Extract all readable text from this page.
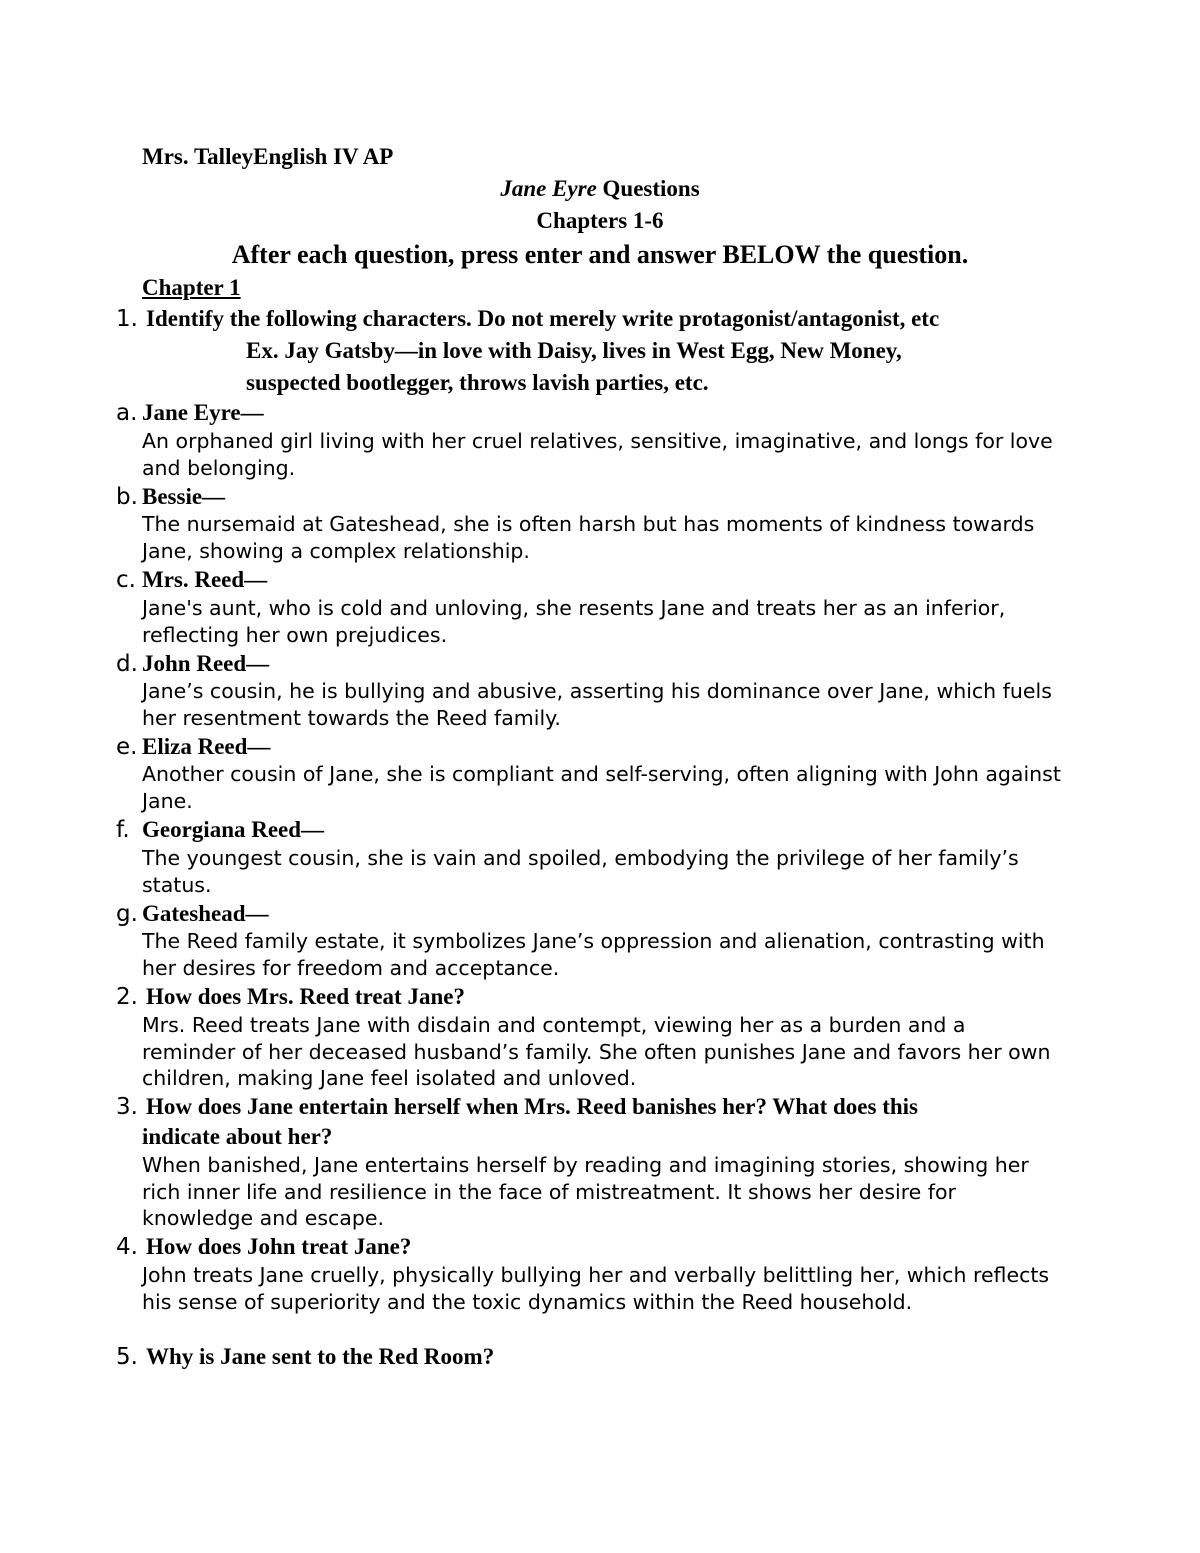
Mrs. TalleyEnglish IV AP
Jane Eyre Questions
Chapters 1-6
After each question, press enter and answer BELOW the question.
Chapter 1
1. Identify the following characters. Do not merely write protagonist/antagonist, etc
Ex. Jay Gatsby—in love with Daisy, lives in West Egg, New Money,
suspected bootlegger, throws lavish parties, etc.
a. Jane Eyre—
An orphaned girl living with her cruel relatives, sensitive, imaginative, and longs for love and belonging.
b. Bessie—
The nursemaid at Gateshead, she is often harsh but has moments of kindness towards Jane, showing a complex relationship.
c. Mrs. Reed—
Jane's aunt, who is cold and unloving, she resents Jane and treats her as an inferior, reflecting her own prejudices.
d. John Reed—
Jane’s cousin, he is bullying and abusive, asserting his dominance over Jane, which fuels her resentment towards the Reed family.
e. Eliza Reed—
Another cousin of Jane, she is compliant and self-serving, often aligning with John against Jane.
f. Georgiana Reed—
The youngest cousin, she is vain and spoiled, embodying the privilege of her family’s status.
g. Gateshead—
The Reed family estate, it symbolizes Jane’s oppression and alienation, contrasting with her desires for freedom and acceptance.
2. How does Mrs. Reed treat Jane?
Mrs. Reed treats Jane with disdain and contempt, viewing her as a burden and a reminder of her deceased husband’s family. She often punishes Jane and favors her own children, making Jane feel isolated and unloved.
3. How does Jane entertain herself when Mrs. Reed banishes her? What does this
indicate about her?
When banished, Jane entertains herself by reading and imagining stories, showing her rich inner life and resilience in the face of mistreatment. It shows her desire for knowledge and escape.
4. How does John treat Jane?
John treats Jane cruelly, physically bullying her and verbally belittling her, which reflects his sense of superiority and the toxic dynamics within the Reed household.
5. Why is Jane sent to the Red Room?
